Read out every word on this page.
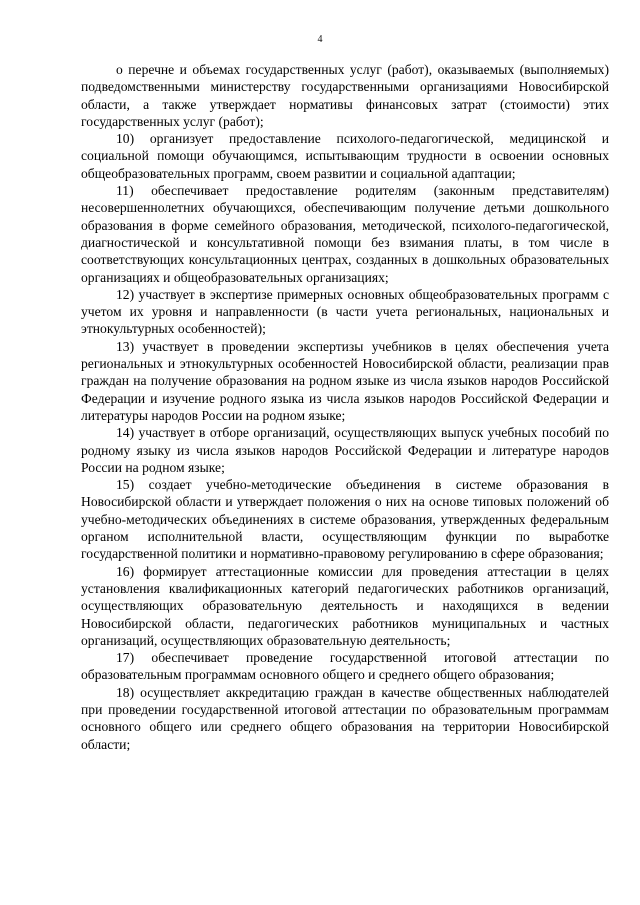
4

о перечне и объемах государственных услуг (работ), оказываемых (выполняемых) подведомственными министерству государственными организациями Новосибирской области, а также утверждает нормативы финансовых затрат (стоимости) этих государственных услуг (работ);

10) организует предоставление психолого-педагогической, медицинской и социальной помощи обучающимся, испытывающим трудности в освоении основных общеобразовательных программ, своем развитии и социальной адаптации;

11) обеспечивает предоставление родителям (законным представителям) несовершеннолетних обучающихся, обеспечивающим получение детьми дошкольного образования в форме семейного образования, методической, психолого-педагогической, диагностической и консультативной помощи без взимания платы, в том числе в соответствующих консультационных центрах, созданных в дошкольных образовательных организациях и общеобразовательных организациях;

12) участвует в экспертизе примерных основных общеобразовательных программ с учетом их уровня и направленности (в части учета региональных, национальных и этнокультурных особенностей);

13) участвует в проведении экспертизы учебников в целях обеспечения учета региональных и этнокультурных особенностей Новосибирской области, реализации прав граждан на получение образования на родном языке из числа языков народов Российской Федерации и изучение родного языка из числа языков народов Российской Федерации и литературы народов России на родном языке;

14) участвует в отборе организаций, осуществляющих выпуск учебных пособий по родному языку из числа языков народов Российской Федерации и литературе народов России на родном языке;

15) создает учебно-методические объединения в системе образования в Новосибирской области и утверждает положения о них на основе типовых положений об учебно-методических объединениях в системе образования, утвержденных федеральным органом исполнительной власти, осуществляющим функции по выработке государственной политики и нормативно-правовому регулированию в сфере образования;

16) формирует аттестационные комиссии для проведения аттестации в целях установления квалификационных категорий педагогических работников организаций, осуществляющих образовательную деятельность и находящихся в ведении Новосибирской области, педагогических работников муниципальных и частных организаций, осуществляющих образовательную деятельность;

17) обеспечивает проведение государственной итоговой аттестации по образовательным программам основного общего и среднего общего образования;

18) осуществляет аккредитацию граждан в качестве общественных наблюдателей при проведении государственной итоговой аттестации по образовательным программам основного общего или среднего общего образования на территории Новосибирской области;
